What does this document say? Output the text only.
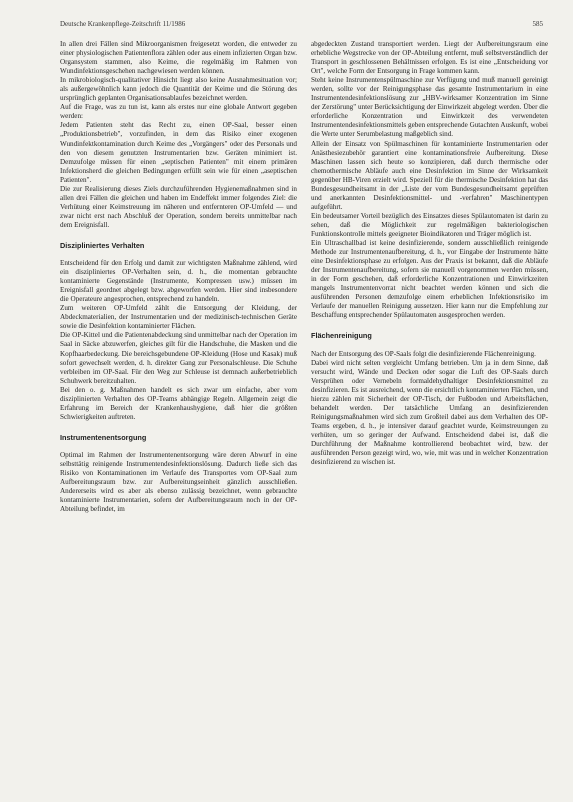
Deutsche Krankenpflege-Zeitschrift 11/1986	585

In allen drei Fällen sind Mikroorganismen freigesetzt worden, die entweder zu einer physiologischen Patientenflora zählen oder aus einem infizierten Organ bzw. Organsystem stammen, also Keime, die regelmäßig im Rahmen von Wundinfektionsgeschehen nachgewiesen werden können.

In mikrobiologisch-qualitativer Hinsicht liegt also keine Ausnahmesituation vor; als außergewöhnlich kann jedoch die Quantität der Keime und die Störung des ursprünglich geplanten Organisationsablaufes bezeichnet werden.

Auf die Frage, was zu tun ist, kann als erstes nur eine globale Antwort gegeben werden:

Jedem Patienten steht das Recht zu, einen OP-Saal, besser einen „Produktionsbetrieb", vorzufinden, in dem das Risiko einer exogenen Wundinfektkontamination durch Keime des „Vorgängers" oder des Personals und den von diesem genutzten Instrumentarien bzw. Geräten minimiert ist. Demzufolge müssen für einen „septischen Patienten" mit einem primären Infektionsherd die gleichen Bedingungen erfüllt sein wie für einen „aseptischen Patienten".

Die zur Realisierung dieses Ziels durchzuführenden Hygienemaßnahmen sind in allen drei Fällen die gleichen und haben im Endeffekt immer folgendes Ziel: die Verhütung einer Keimstreuung im näheren und entfernteren OP-Umfeld — und zwar nicht erst nach Abschluß der Operation, sondern bereits unmittelbar nach dem Ereignisfall.

Diszipliniertes Verhalten

Entscheidend für den Erfolg und damit zur wichtigsten Maßnahme zählend, wird ein diszipliniertes OP-Verhalten sein, d. h., die momentan gebrauchte kontaminierte Gegenstände (Instrumente, Kompressen usw.) müssen im Ereignisfall geordnet abgelegt bzw. abgeworfen werden. Hier sind insbesondere die Operateure angesprochen, entsprechend zu handeln.

Zum weiteren OP-Umfeld zählt die Entsorgung der Kleidung, der Abdeckmaterialien, der Instrumentarien und der medizinisch-technischen Geräte sowie die Desinfektion kontaminierter Flächen.

Die OP-Kittel und die Patientenabdeckung sind unmittelbar nach der Operation im Saal in Säcke abzuwerfen, gleiches gilt für die Handschuhe, die Masken und die Kopfhaarbedeckung. Die bereichsgebundene OP-Kleidung (Hose und Kasak) muß sofort gewechselt werden, d. h. direkter Gang zur Personalschleuse. Die Schuhe verbleiben im OP-Saal. Für den Weg zur Schleuse ist demnach außerbetrieblich Schuhwerk bereitzuhalten.

Bei den o. g. Maßnahmen handelt es sich zwar um einfache, aber vom disziplinierten Verhalten des OP-Teams abhängige Regeln. Allgemein zeigt die Erfahrung im Bereich der Krankenhaushygiene, daß hier die größten Schwierigkeiten auftreten.

Instrumentenentsorgung

Optimal im Rahmen der Instrumentenentsorgung wäre deren Abwurf in eine selbsttätig reinigende Instrumentendesinfektionslösung. Dadurch ließe sich das Risiko von Kontaminationen im Verlaufe des Transportes vom OP-Saal zum Aufbereitungsraum bzw. zur Aufbereitungseinheit gänzlich ausschließen. Andererseits wird es aber als ebenso zulässig bezeichnet, wenn gebrauchte kontaminierte Instrumentarien, sofern der Aufbereitungsraum noch in der OP-Abteilung befindet, im

abgedeckten Zustand transportiert werden. Liegt der Aufbereitungsraum eine erhebliche Wegstrecke von der OP-Abteilung entfernt, muß selbstverständlich der Transport in geschlossenen Behältnissen erfolgen. Es ist eine „Entscheidung vor Ort", welche Form der Entsorgung in Frage kommen kann.

Steht keine Instrumentenspülmaschine zur Verfügung und muß manuell gereinigt werden, sollte vor der Reinigungsphase das gesamte Instrumentarium in eine Instrumentendesinfektionslösung zur „HBV-wirksamer Konzentration im Sinne der Zerstörung" unter Berücksichtigung der Einwirkzeit abgelegt werden. Über die erforderliche Konzentration und Einwirkzeit des verwendeten Instrumentendesinfektionsmittels geben entsprechende Gutachten Auskunft, wobei die Werte unter Serumbelastung maßgeblich sind.

Allein der Einsatz von Spülmaschinen für kontaminierte Instrumentarien oder Anästhesiezubehör garantiert eine kontaminationsfreie Aufbereitung. Diese Maschinen lassen sich heute so konzipieren, daß durch thermische oder chemothermische Abläufe auch eine Desinfektion im Sinne der Wirksamkeit gegenüber HB-Viren erzielt wird. Speziell für die thermische Desinfektion hat das Bundesgesundheitsamt in der „Liste der vom Bundesgesundheitsamt geprüften und anerkannten Desinfektionsmittel- und -verfahren" Maschinentypen aufgeführt.

Ein bedeutsamer Vorteil bezüglich des Einsatzes dieses Spülautomaten ist darin zu sehen, daß die Möglichkeit zur regelmäßigen bakteriologischen Funktionskontrolle mittels geeigneter Bioindikatoren und Träger möglich ist.

Ein Ultraschallbad ist keine desinfizierende, sondern ausschließlich reinigende Methode zur Instrumentenaufbereitung, d. h., vor Eingabe der Instrumente hätte eine Desinfektionsphase zu erfolgen. Aus der Praxis ist bekannt, daß die Abläufe der Instrumentenaufbereitung, sofern sie manuell vorgenommen werden müssen, in der Form geschehen, daß erforderliche Konzentrationen und Einwirkzeiten mangels Instrumentenvorrat nicht beachtet werden können und sich die ausführenden Personen demzufolge einem erheblichen Infektionsrisiko im Verlaufe der manuellen Reinigung aussetzen. Hier kann nur die Empfehlung zur Beschaffung entsprechender Spülautomaten ausgesprochen werden.

Flächenreinigung

Nach der Entsorgung des OP-Saals folgt die desinfizierende Flächenreinigung.

Dabei wird nicht selten vergleicht Umfang betrieben. Um ja in dem Sinne, daß versucht wird, Wände und Decken oder sogar die Luft des OP-Saals durch Versprühen oder Vernebeln formaldehydhaltiger Desinfektionsmittel zu desinfizieren. Es ist ausreichend, wenn die ersichtlich kontaminierten Flächen, und hierzu zählen mit Sicherheit der OP-Tisch, der Fußboden und Arbeitsflächen, behandelt werden. Der tatsächliche Umfang an desinfizierenden Reinigungsmaßnahmen wird sich zum Großteil dabei aus dem Verhalten des OP-Teams ergeben, d. h., je intensiver darauf geachtet wurde, Keimstreuungen zu verhüten, um so geringer der Aufwand. Entscheidend dabei ist, daß die Durchführung der Maßnahme kontrollierend beobachtet wird, bzw. der ausführenden Person gezeigt wird, wo, wie, mit was und in welcher Konzentration desinfizierend zu wischen ist.
